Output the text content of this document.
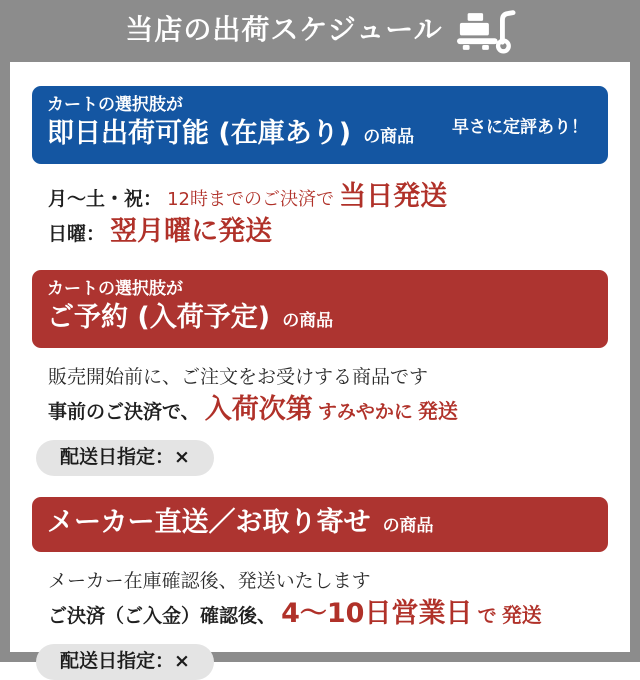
当店の出荷スケジュール
カートの選択肢が
即日出荷可能 (在庫あり) の商品	早さに定評あり！
月〜土・祝： 12時までのご決済で 当日発送
日曜： 翌月曜に発送
カートの選択肢が
ご予約 (入荷予定) の商品
販売開始前に、ご注文をお受けする商品です
事前のご決済で、 入荷次第 すみやかに 発送
配送日指定：×
メーカー直送／お取り寄せ の商品
メーカー在庫確認後、発送いたします
ご決済（ご入金）確認後、 4〜10日営業日 で 発送
配送日指定：×
